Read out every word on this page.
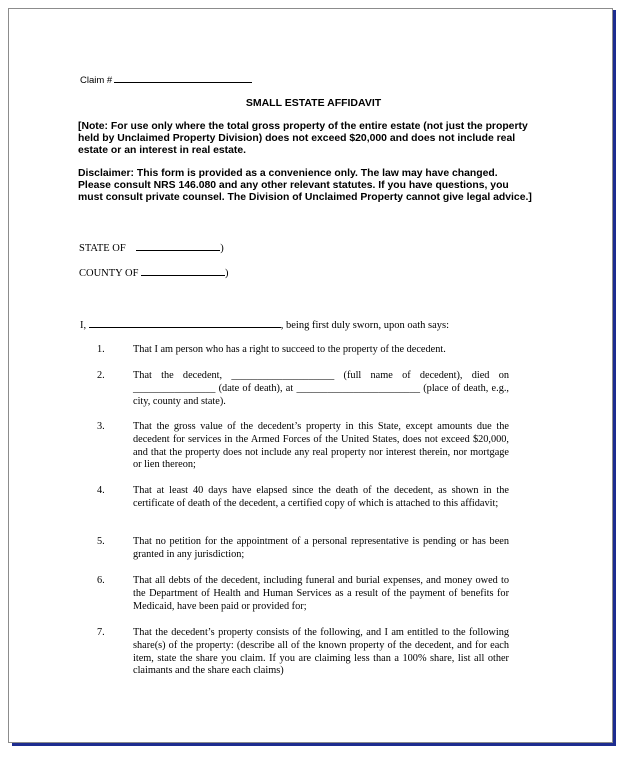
Claim #
SMALL ESTATE AFFIDAVIT
[Note: For use only where the total gross property of the entire estate (not just the property held by Unclaimed Property Division) does not exceed $20,000 and does not include real estate or an interest in real estate.
Disclaimer: This form is provided as a convenience only. The law may have changed. Please consult NRS 146.080 and any other relevant statutes. If you have questions, you must consult private counsel. The Division of Unclaimed Property cannot give legal advice.]
STATE OF	)
COUNTY OF	)
I,	, being first duly sworn, upon oath says:
1.	That I am person who has a right to succeed to the property of the decedent.
2.	That the decedent, ____________________ (full name of decedent), died on ________________ (date of death), at ________________________ (place of death, e.g., city, county and state).
3.	That the gross value of the decedent’s property in this State, except amounts due the decedent for services in the Armed Forces of the United States, does not exceed $20,000, and that the property does not include any real property nor interest therein, nor mortgage or lien thereon;
4.	That at least 40 days have elapsed since the death of the decedent, as shown in the certificate of death of the decedent, a certified copy of which is attached to this affidavit;
5.	That no petition for the appointment of a personal representative is pending or has been granted in any jurisdiction;
6.	That all debts of the decedent, including funeral and burial expenses, and money owed to the Department of Health and Human Services as a result of the payment of benefits for Medicaid, have been paid or provided for;
7.	That the decedent’s property consists of the following, and I am entitled to the following share(s) of the property: (describe all of the known property of the decedent, and for each item, state the share you claim. If you are claiming less than a 100% share, list all other claimants and the share each claims)
